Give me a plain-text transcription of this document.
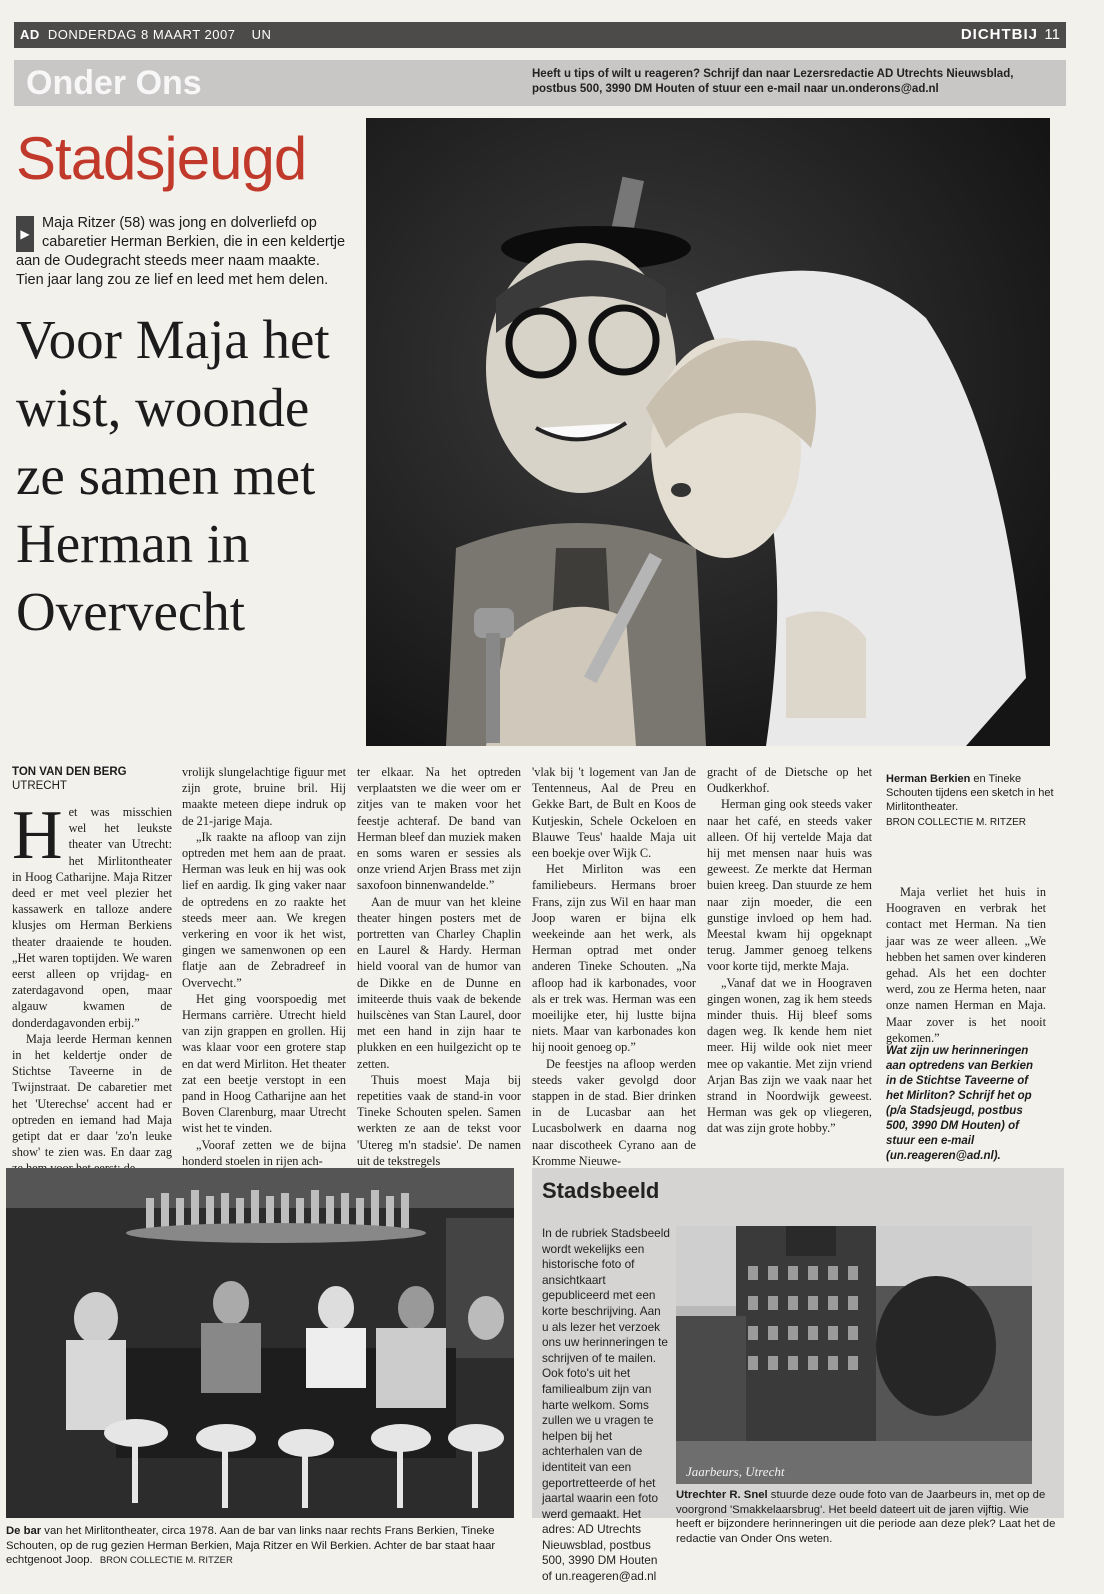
AD DONDERDAG 8 MAART 2007 UN	DICHTBIJ 11
Onder Ons	Heeft u tips of wilt u reageren? Schrijf dan naar Lezersredactie AD Utrechts Nieuwsblad, postbus 500, 3990 DM Houten of stuur een e-mail naar un.onderons@ad.nl
Stadsjeugd
▶
Maja Ritzer (58) was jong en dolverliefd op cabaretier Herman Berkien, die in een keldertje aan de Oudegracht steeds meer naam maakte. Tien jaar lang zou ze lief en leed met hem delen.
Voor Maja het wist, woonde ze samen met Herman in Overvecht
TON VAN DEN BERG
UTRECHT

Het was misschien wel het leukste theater van Utrecht: het Mirlitontheater in Hoog Catharijne. Maja Ritzer deed er met veel plezier het kassawerk en talloze andere klusjes om Herman Berkiens theater draaiende te houden. „Het waren toptijden. We waren eerst alleen op vrijdag- en zaterdagavond open, maar algauw kwamen de donderdagavonden erbij.”

Maja leerde Herman kennen in het keldertje onder de Stichtse Taveerne in de Twijnstraat. De cabaretier met het 'Uterechse' accent had er optreden en iemand had Maja getipt dat er daar 'zo'n leuke show' te zien was. En daar zag

vrolijk slungelachtige figuur met zijn grote, bruine bril. Hij maakte meteen diepe indruk op de 21-jarige Maja.

„Ik raakte na afloop van zijn optreden met hem aan de praat. Herman was leuk en hij was ook lief en aardig. Ik ging vaker naar de optredens en zo raakte het steeds meer aan. We kregen verkering en voor ik het wist, gingen we samenwonen op een flatje aan de Zebradreef in Overvecht.”

Het ging voorspoedig met Hermans carrière. Utrecht hield van zijn grappen en grollen. Hij was klaar voor een grotere stap en dat werd Mirliton. Het theater zat een beetje verstopt in een pand in Hoog Catharijne aan het Boven Clarenburg, maar Utrecht wist het te vinden.

„Vooraf zetten we de bijna honderd stoelen in rijen ach-

ter elkaar. Na het optreden verplaatsten we die weer om er zitjes van te maken voor het feestje achteraf. De band van Herman bleef dan muziek maken en soms waren er sessies als onze vriend Arjen Brass met zijn saxofoon binnenwandelde.”

Aan de muur van het kleine theater hingen posters met de portretten van Charley Chaplin en Laurel & Hardy. Herman hield vooral van de humor van de Dikke en de Dunne en imiteerde thuis vaak de bekende huilscènes van Stan Laurel, door met een hand in zijn haar te plukken en een huilgezicht op te zetten.

Thuis moest Maja bij repetities vaak de stand-in voor Tineke Schouten spelen. Samen werkten ze aan de tekst voor 'Utereg m'n stadsie'. De namen uit de tekstregels

'vlak bij 't logement van Jan de Tentenneus, Aal de Preu en Gekke Bart, de Bult en Koos de Kutjeskin, Schele Ockeloen en Blauwe Teus' haalde Maja uit een boekje over Wijk C.

Het Mirliton was een familiebeurs. Hermans broer Frans, zijn zus Wil en haar man Joop waren er bijna elk weekeinde aan het werk, als Herman optrad met onder anderen Tineke Schouten. „Na afloop had ik karbonades, voor als er trek was. Herman was een moeilijke eter, hij lustte bijna niets. Maar van karbonades kon hij nooit genoeg op.”

De feestjes na afloop werden steeds vaker gevolgd door stappen in de stad. Bier drinken in de Lucasbar aan het Lucasbolwerk en daarna nog naar discotheek Cyrano aan de Kromme Nieuwe-

gracht of de Dietsche op het Oudkerkhof.

Herman ging ook steeds vaker naar het café, en steeds vaker alleen. Of hij vertelde Maja dat hij met mensen naar huis was geweest. Ze merkte dat Herman buien kreeg. Dan stuurde ze hem naar zijn moeder, die een gunstige invloed op hem had. Meestal kwam hij opgeknapt terug. Jammer genoeg telkens voor korte tijd, merkte Maja.

„Vanaf dat we in Hoograven gingen wonen, zag ik hem steeds minder thuis. Hij bleef soms dagen weg. Ik kende hem niet meer. Hij wilde ook niet meer mee op vakantie. Met zijn vriend Arjan Bas zijn we vaak naar het strand in Noordwijk geweest. Herman was gek op vliegeren, dat was zijn grote hobby.”

Herman Berkien en Tineke Schouten tijdens een sketch in het Mirlitontheater.
BRON COLLECTIE M. RITZER

Maja verliet het huis in Hoograven en verbrak het contact met Herman. Na tien jaar was ze weer alleen. „We hebben het samen over kinderen gehad. Als het een dochter werd, zou ze Herma heten, naar onze namen Herman en Maja. Maar zover is het nooit gekomen.”

Wat zijn uw herinneringen aan optredens van Berkien in de Stichtse Taveerne of het Mirliton? Schrijf het op (p/a Stadsjeugd, postbus 500, 3990 DM Houten) of stuur een e-mail (un.reageren@ad.nl).
De bar van het Mirlitontheater, circa 1978. Aan de bar van links naar rechts Frans Berkien, Tineke Schouten, op de rug gezien Herman Berkien, Maja Ritzer en Wil Berkien. Achter de bar staat haar echtgenoot Joop. BRON COLLECTIE M. RITZER
Stadsbeeld
In de rubriek Stadsbeeld wordt wekelijks een historische foto of ansichtkaart gepubliceerd met een korte beschrijving. Aan u als lezer het verzoek ons uw herinneringen te schrijven of te mailen. Ook foto's uit het familiealbum zijn van harte welkom. Soms zullen we u vragen te helpen bij het achterhalen van de identiteit van een geportretteerde of het jaartal waarin een foto werd gemaakt. Het adres: AD Utrechts Nieuwsblad, postbus 500, 3990 DM Houten of un.reageren@ad.nl
Jaarbeurs, Utrecht
Utrechter R. Snel stuurde deze oude foto van de Jaarbeurs in, met op de voorgrond 'Smakkelaarsbrug'. Het beeld dateert uit de jaren vijftig. Wie heeft er bijzondere herinneringen uit die periode aan deze plek? Laat het de redactie van Onder Ons weten.
